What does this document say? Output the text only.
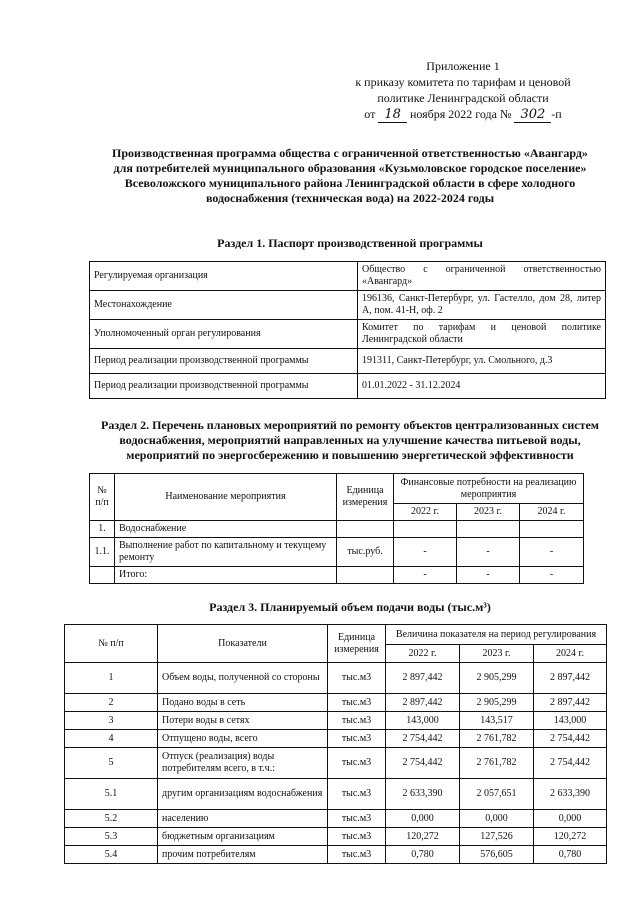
Приложение 1
к приказу комитета по тарифам и ценовой
политике Ленинградской области
от 18 ноября 2022 года № 302 -п
Производственная программа общества с ограниченной ответственностью «Авангард»
для потребителей муниципального образования «Кузьмоловское городское поселение»
Всеволожского муниципального района Ленинградской области в сфере холодного
водоснабжения (техническая вода) на 2022-2024 годы
Раздел 1. Паспорт производственной программы
Регулируемая организация	Общество с ограниченной ответственностью «Авангард»
Местонахождение	196136, Санкт-Петербург, ул. Гастелло, дом 28, литер А, пом. 41-Н, оф. 2
Уполномоченный орган регулирования	Комитет по тарифам и ценовой политике Ленинградской области
Период реализации производственной программы	191311, Санкт-Петербург, ул. Смольного, д.3
Период реализации производственной программы	01.01.2022 - 31.12.2024
Раздел 2. Перечень плановых мероприятий по ремонту объектов централизованных систем
водоснабжения, мероприятий направленных на улучшение качества питьевой воды,
мероприятий по энергосбережению и повышению энергетической эффективности
№ п/п	Наименование мероприятия	Единица измерения	Финансовые потребности на реализацию мероприятия		
			2022 г.	2023 г.	2024 г.
1.	Водоснабжение				
1.1.	Выполнение работ по капитальному и текущему ремонту	тыс.руб.	-	-	-
	Итого:		-	-	-
Раздел 3. Планируемый объем подачи воды (тыс.м³)
№ п/п	Показатели	Единица измерения	Величина показателя на период регулирования		
			2022 г.	2023 г.	2024 г.
1	Объем воды, полученной со стороны	тыс.м3	2 897,442	2 905,299	2 897,442
2	Подано воды в сеть	тыс.м3	2 897,442	2 905,299	2 897,442
3	Потери воды в сетях	тыс.м3	143,000	143,517	143,000
4	Отпущено воды, всего	тыс.м3	2 754,442	2 761,782	2 754,442
5	Отпуск (реализация) воды потребителям всего, в т.ч.:	тыс.м3	2 754,442	2 761,782	2 754,442
5.1	другим организациям водоснабжения	тыс.м3	2 633,390	2 057,651	2 633,390
5.2	населению	тыс.м3	0,000	0,000	0,000
5.3	бюджетным организациям	тыс.м3	120,272	127,526	120,272
5.4	прочим потребителям	тыс.м3	0,780	576,605	0,780
